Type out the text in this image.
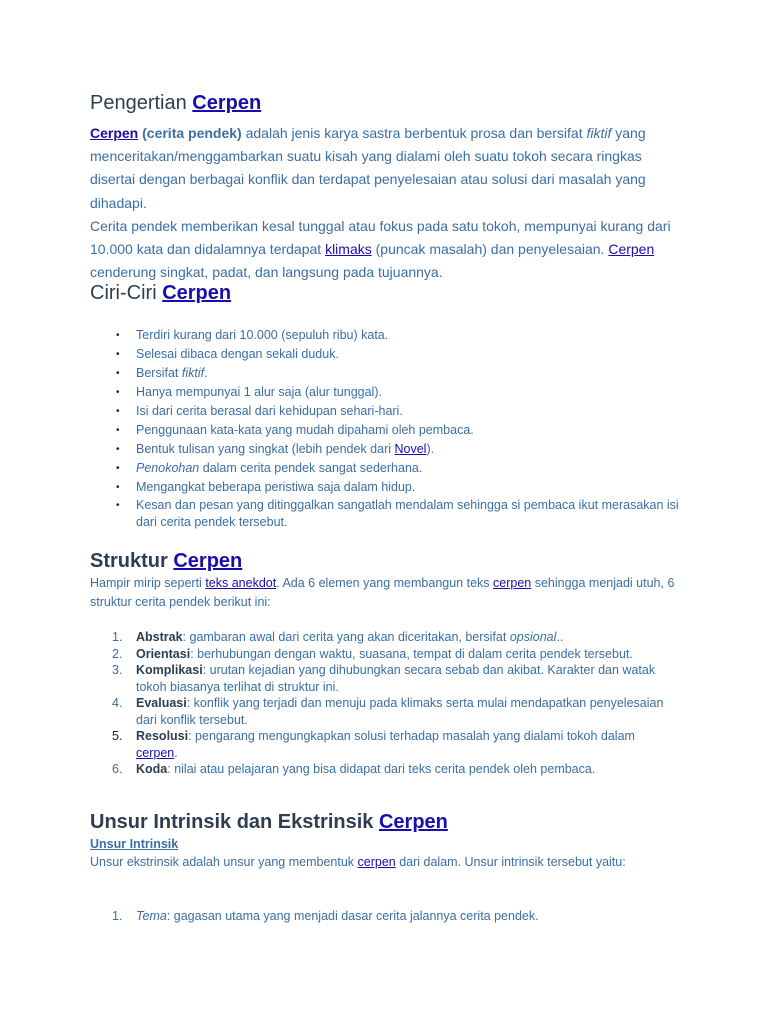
Pengertian Cerpen

Cerpen (cerita pendek) adalah jenis karya sastra berbentuk prosa dan bersifat fiktif yang menceritakan/menggambarkan suatu kisah yang dialami oleh suatu tokoh secara ringkas disertai dengan berbagai konflik dan terdapat penyelesaian atau solusi dari masalah yang dihadapi.

Cerita pendek memberikan kesal tunggal atau fokus pada satu tokoh, mempunyai kurang dari 10.000 kata dan didalamnya terdapat klimaks (puncak masalah) dan penyelesaian. Cerpen cenderung singkat, padat, dan langsung pada tujuannya.

Ciri-Ciri Cerpen
• Terdiri kurang dari 10.000 (sepuluh ribu) kata.
• Selesai dibaca dengan sekali duduk.
• Bersifat fiktif.
• Hanya mempunyai 1 alur saja (alur tunggal).
• Isi dari cerita berasal dari kehidupan sehari-hari.
• Penggunaan kata-kata yang mudah dipahami oleh pembaca.
• Bentuk tulisan yang singkat (lebih pendek dari Novel).
• Penokohan dalam cerita pendek sangat sederhana.
• Mengangkat beberapa peristiwa saja dalam hidup.
• Kesan dan pesan yang ditinggalkan sangatlah mendalam sehingga si pembaca ikut merasakan isi dari cerita pendek tersebut.
Struktur Cerpen

Hampir mirip seperti teks anekdot. Ada 6 elemen yang membangun teks cerpen sehingga menjadi utuh, 6 struktur cerita pendek berikut ini:

1. Abstrak: gambaran awal dari cerita yang akan diceritakan, bersifat opsional..
2. Orientasi: berhubungan dengan waktu, suasana, tempat di dalam cerita pendek tersebut.
3. Komplikasi: urutan kejadian yang dihubungkan secara sebab dan akibat. Karakter dan watak tokoh biasanya terlihat di struktur ini.
4. Evaluasi: konflik yang terjadi dan menuju pada klimaks serta mulai mendapatkan penyelesaian dari konflik tersebut.
5. Resolusi: pengarang mengungkapkan solusi terhadap masalah yang dialami tokoh dalam cerpen.
6. Koda: nilai atau pelajaran yang bisa didapat dari teks cerita pendek oleh pembaca.
Unsur Intrinsik dan Ekstrinsik Cerpen
Unsur Intrinsik

Unsur ekstrinsik adalah unsur yang membentuk cerpen dari dalam. Unsur intrinsik tersebut yaitu:

1. Tema: gagasan utama yang menjadi dasar cerita jalannya cerita pendek.
